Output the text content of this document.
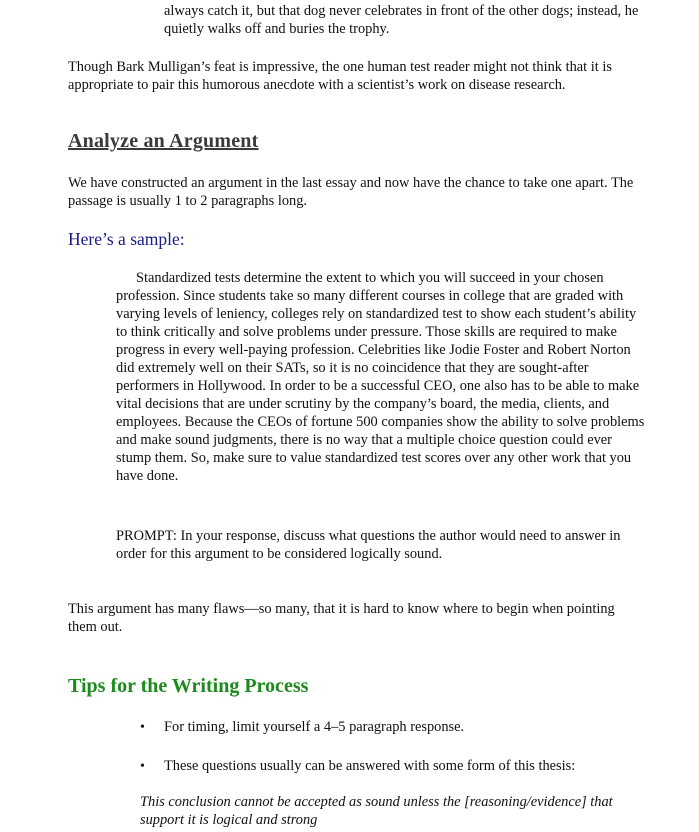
always catch it, but that dog never celebrates in front of the other dogs; instead, he quietly walks off and buries the trophy.

Though Bark Mulligan’s feat is impressive, the one human test reader might not think that it is appropriate to pair this humorous anecdote with a scientist’s work on disease research.

Analyze an Argument

We have constructed an argument in the last essay and now have the chance to take one apart. The passage is usually 1 to 2 paragraphs long.

Here’s a sample:

Standardized tests determine the extent to which you will succeed in your chosen profession. Since students take so many different courses in college that are graded with varying levels of leniency, colleges rely on standardized test to show each student’s ability to think critically and solve problems under pressure. Those skills are required to make progress in every well-paying profession. Celebrities like Jodie Foster and Robert Norton did extremely well on their SATs, so it is no coincidence that they are sought-after performers in Hollywood. In order to be a successful CEO, one also has to be able to make vital decisions that are under scrutiny by the company’s board, the media, clients, and employees. Because the CEOs of fortune 500 companies show the ability to solve problems and make sound judgments, there is no way that a multiple choice question could ever stump them. So, make sure to value standardized test scores over any other work that you have done.

PROMPT: In your response, discuss what questions the author would need to answer in order for this argument to be considered logically sound.

This argument has many flaws—so many, that it is hard to know where to begin when pointing them out.

Tips for the Writing Process
•	For timing, limit yourself a 4–5 paragraph response.
•	These questions usually can be answered with some form of this thesis:

This conclusion cannot be accepted as sound unless the [reasoning/evidence] that support it is logical and strong
